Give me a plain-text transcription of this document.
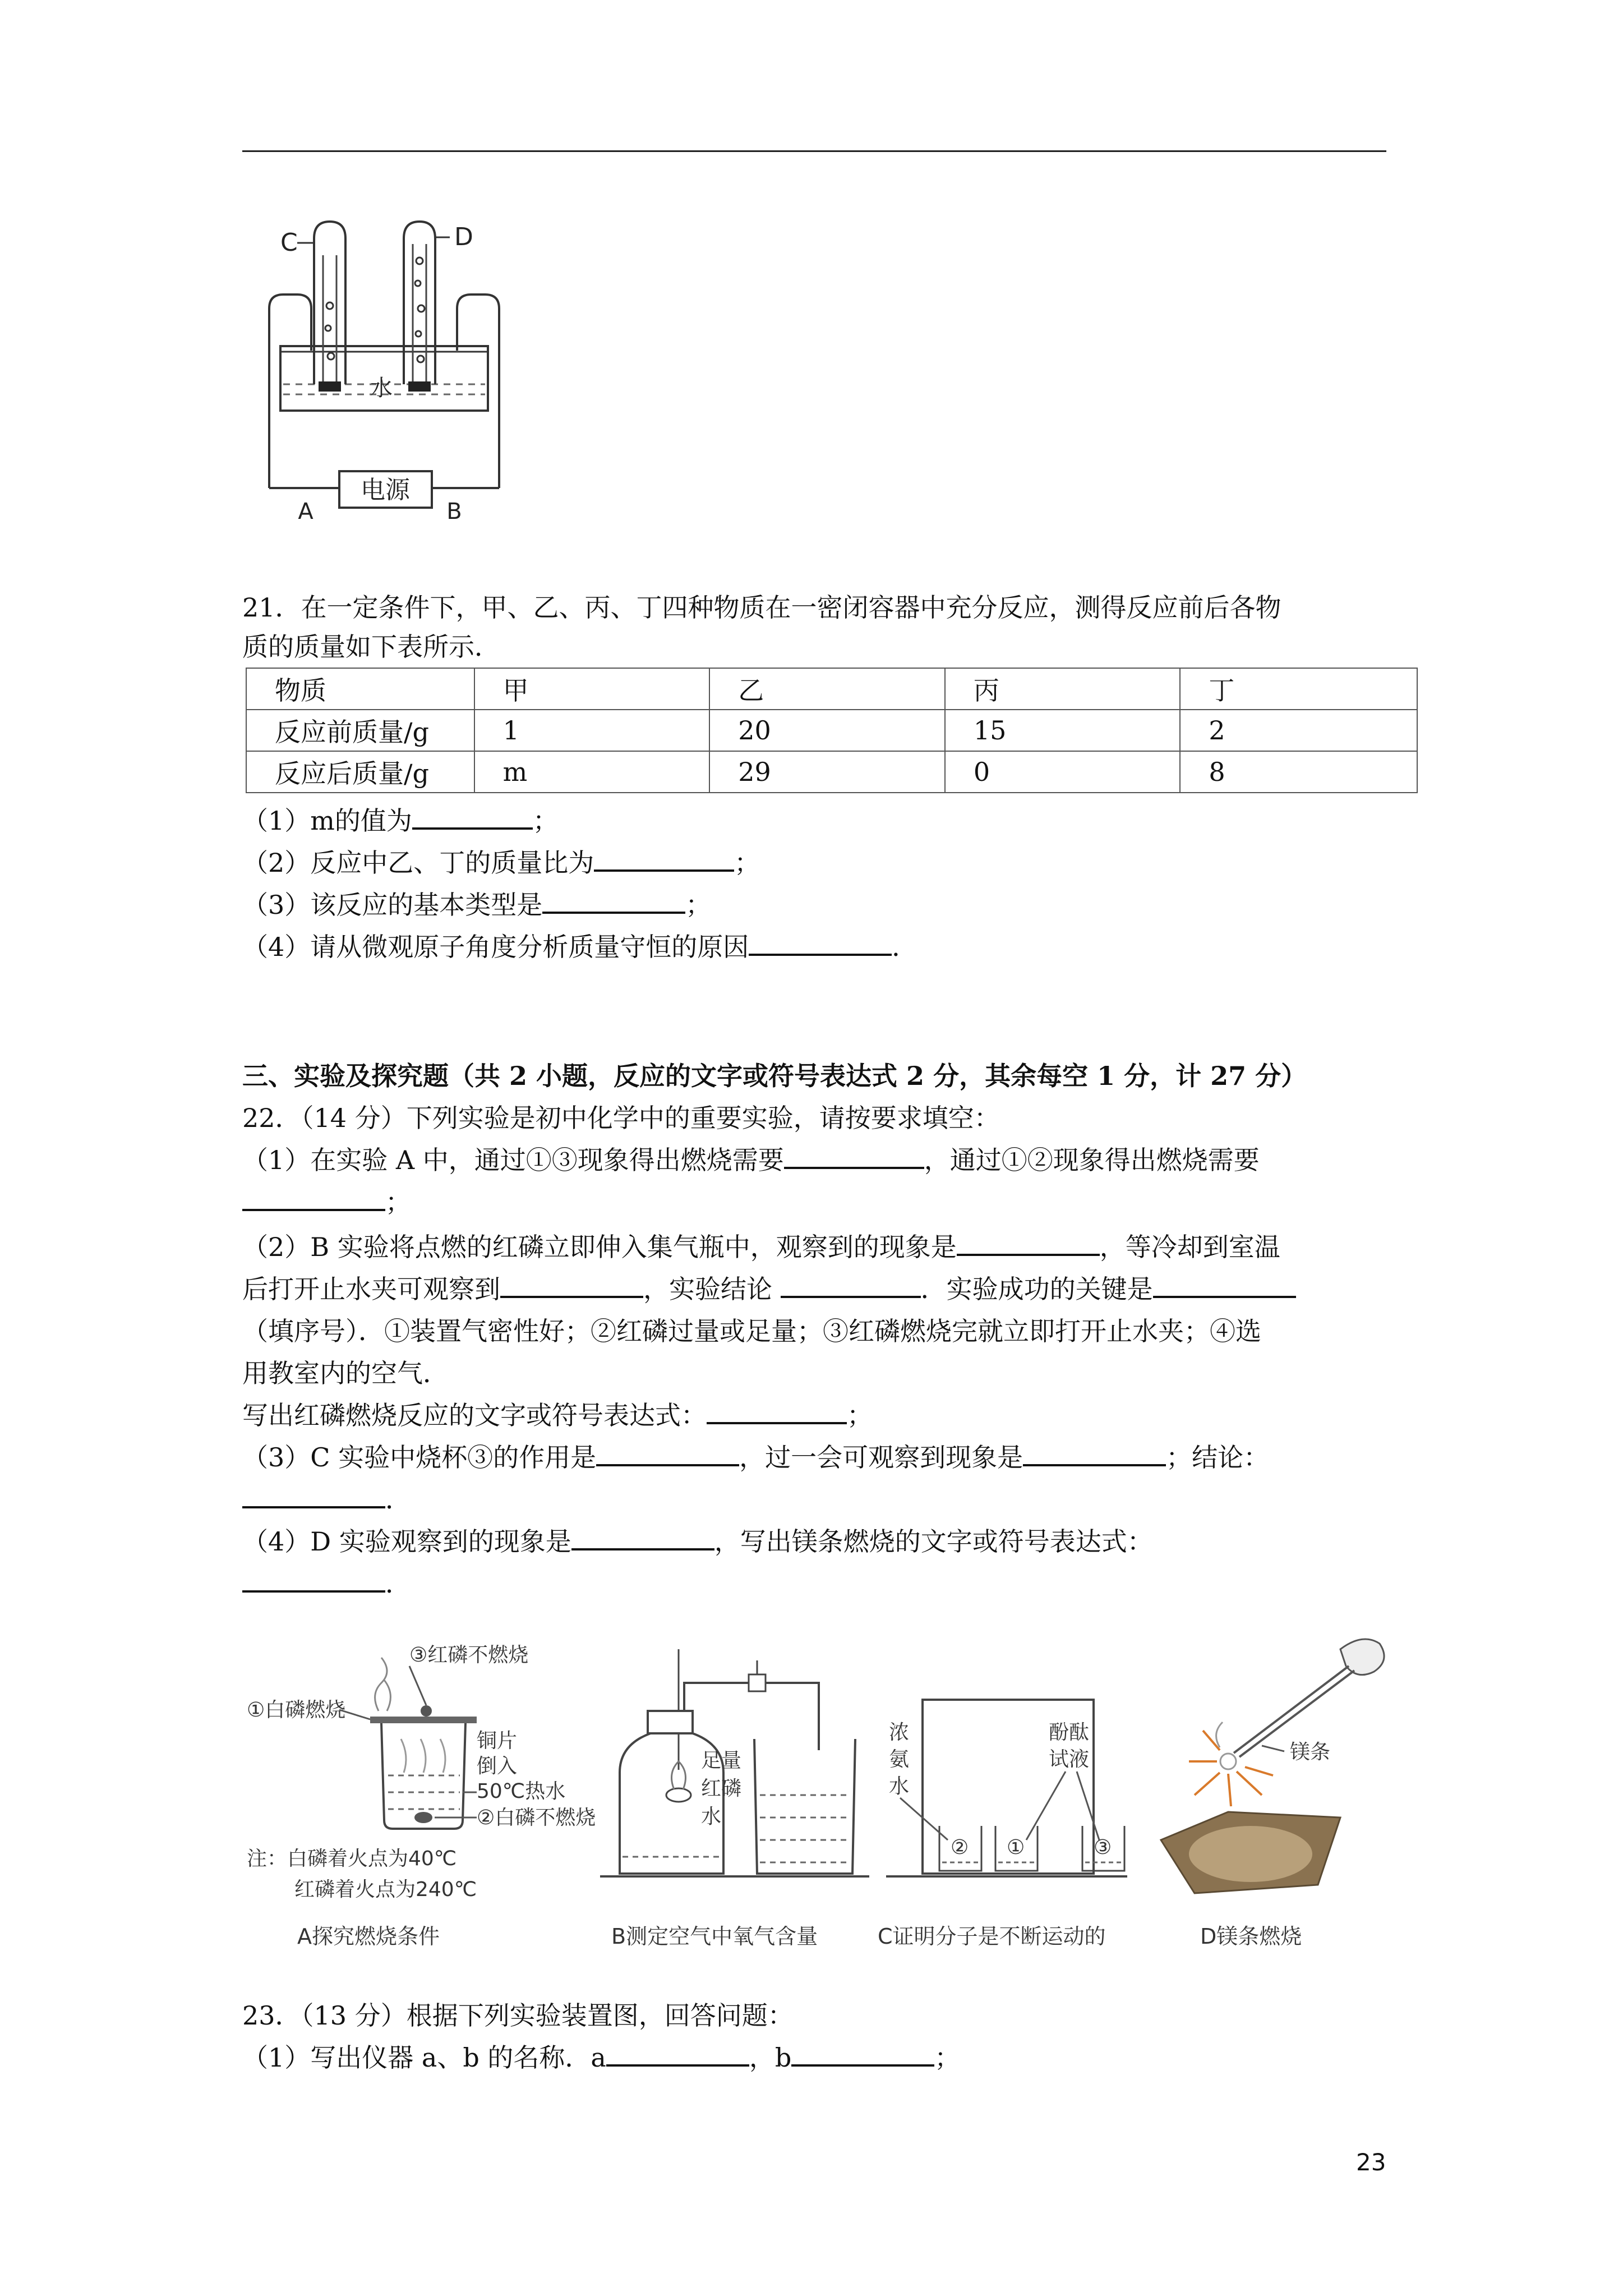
电源
A	B
水
C	D
21．在一定条件下，甲、乙、丙、丁四种物质在一密闭容器中充分反应，测得反应前后各物
质的质量如下表所示．
物质	甲	乙	丙	丁
反应前质量/g	1	20	15	2
反应后质量/g	m	29	0	8
（1）m的值为	；
（2）反应中乙、丁的质量比为	；
（3）该反应的基本类型是	；
（4）请从微观原子角度分析质量守恒的原因	．
三、实验及探究题（共 2 小题，反应的文字或符号表达式 2 分，其余每空 1 分，计 27 分）
22．（14 分）下列实验是初中化学中的重要实验，请按要求填空：
（1）在实验 A 中，通过①③现象得出燃烧需要	，通过①②现象得出燃烧需要
；
（2）B 实验将点燃的红磷立即伸入集气瓶中，观察到的现象是	，等冷却到室温
后打开止水夹可观察到	，实验结论	．实验成功的关键是
（填序号）．①装置气密性好；②红磷过量或足量；③红磷燃烧完就立即打开止水夹；④选
用教室内的空气．
写出红磷燃烧反应的文字或符号表达式：	；
（3）C 实验中烧杯③的作用是	，过一会可观察到现象是	；结论：
．
（4）D 实验观察到的现象是	，写出镁条燃烧的文字或符号表达式：
．
③红磷不燃烧
①白磷燃烧
铜片
倒入
50℃热水
②白磷不燃烧
注：白磷着火点为40℃
红磷着火点为240℃
A探究燃烧条件
足量
红磷
水
B测定空气中氧气含量
② ①	③
浓
氨
水
酚酞
试液
C证明分子是不断运动的
镁条
D镁条燃烧
23．（13 分）根据下列实验装置图，回答问题：
（1）写出仪器 a、b 的名称．a	，b	；
23
